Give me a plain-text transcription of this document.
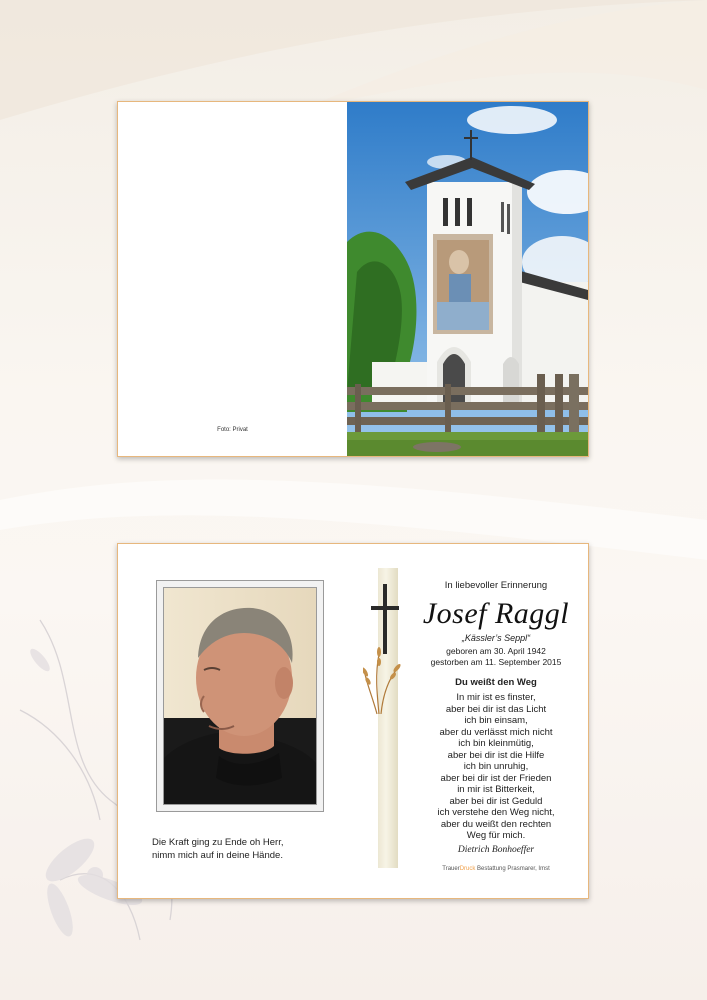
Foto: Privat
Die Kraft ging zu Ende oh Herr,
nimm mich auf in deine Hände.
In liebevoller Erinnerung
Josef Raggl
„Kässler’s Seppl“
geboren am 30. April 1942
gestorben am 11. September 2015
Du weißt den Weg
In mir ist es finster,
aber bei dir ist das Licht
ich bin einsam,
aber du verlässt mich nicht
ich bin kleinmütig,
aber bei dir ist die Hilfe
ich bin unruhig,
aber bei dir ist der Frieden
in mir ist Bitterkeit,
aber bei dir ist Geduld
ich verstehe den Weg nicht,
aber du weißt den rechten
Weg für mich.
Dietrich Bonhoeffer
TrauerDruck Bestattung Prasmarer, Imst
